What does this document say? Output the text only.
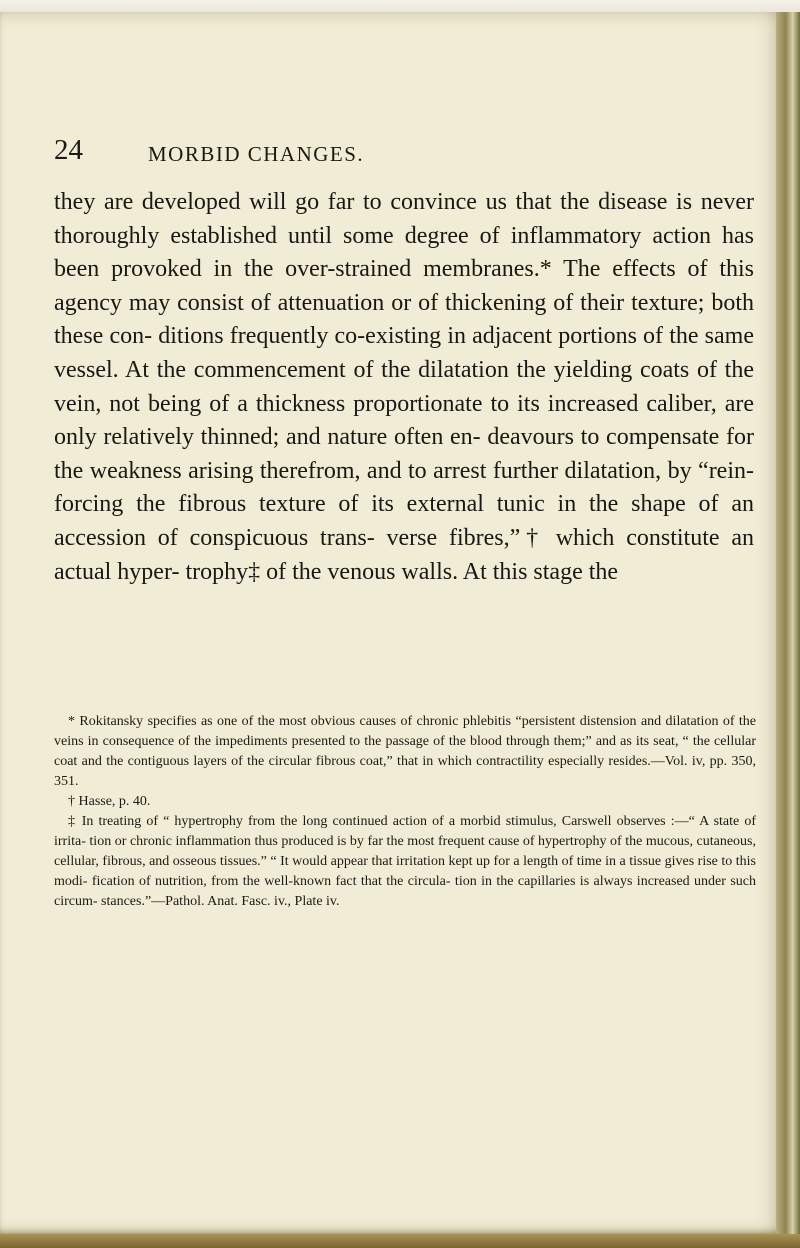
24	MORBID CHANGES.

they are developed will go far to convince us that the disease is never thoroughly established until some degree of inflammatory action has been provoked in the over-strained membranes.* The effects of this agency may consist of attenuation or of thickening of their texture; both these con- ditions frequently co-existing in adjacent portions of the same vessel. At the commencement of the dilatation the yielding coats of the vein, not being of a thickness proportionate to its increased caliber, are only relatively thinned; and nature often en- deavours to compensate for the weakness arising therefrom, and to arrest further dilatation, by “rein- forcing the fibrous texture of its external tunic in the shape of an accession of conspicuous trans- verse fibres,”† which constitute an actual hyper- trophy‡ of the venous walls. At this stage the

* Rokitansky specifies as one of the most obvious causes of chronic phlebitis “persistent distension and dilatation of the veins in consequence of the impediments presented to the passage of the blood through them;” and as its seat, “ the cellular coat and the contiguous layers of the circular fibrous coat,” that in which contractility especially resides.—Vol. iv, pp. 350, 351.

† Hasse, p. 40.

‡ In treating of “ hypertrophy from the long continued action of a morbid stimulus, Carswell observes :—“ A state of irrita- tion or chronic inflammation thus produced is by far the most frequent cause of hypertrophy of the mucous, cutaneous, cellular, fibrous, and osseous tissues.” “ It would appear that irritation kept up for a length of time in a tissue gives rise to this modi- fication of nutrition, from the well-known fact that the circula- tion in the capillaries is always increased under such circum- stances.”—Pathol. Anat. Fasc. iv., Plate iv.
